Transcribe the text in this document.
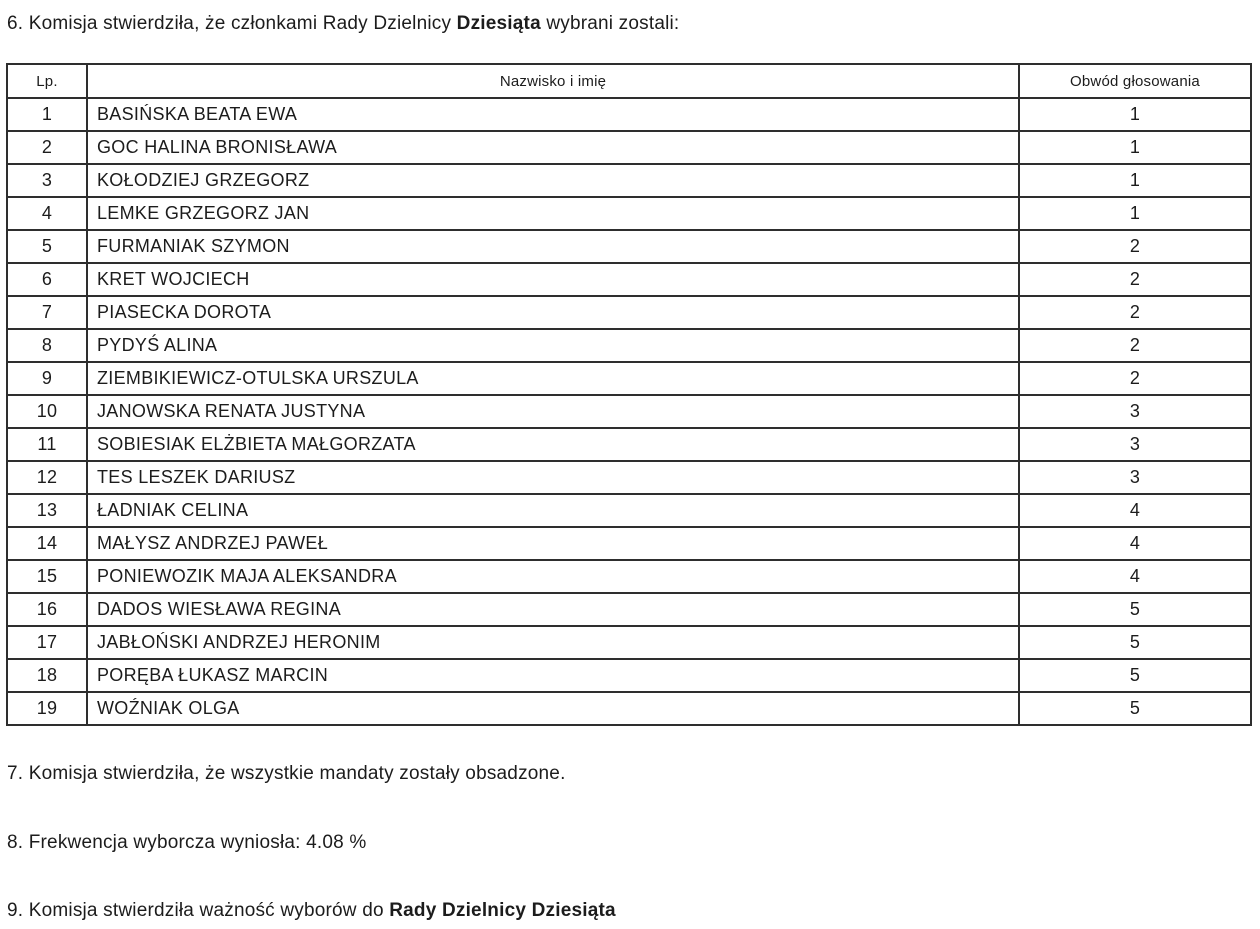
6. Komisja stwierdziła, że członkami Rady Dzielnicy Dziesiąta wybrani zostali:

Lp.	Nazwisko i imię	Obwód głosowania
1	BASIŃSKA BEATA EWA	1
2	GOC HALINA BRONISŁAWA	1
3	KOŁODZIEJ GRZEGORZ	1
4	LEMKE GRZEGORZ JAN	1
5	FURMANIAK SZYMON	2
6	KRET WOJCIECH	2
7	PIASECKA DOROTA	2
8	PYDYŚ ALINA	2
9	ZIEMBIKIEWICZ-OTULSKA URSZULA	2
10	JANOWSKA RENATA JUSTYNA	3
11	SOBIESIAK ELŻBIETA MAŁGORZATA	3
12	TES LESZEK DARIUSZ	3
13	ŁADNIAK CELINA	4
14	MAŁYSZ ANDRZEJ PAWEŁ	4
15	PONIEWOZIK MAJA ALEKSANDRA	4
16	DADOS WIESŁAWA REGINA	5
17	JABŁOŃSKI ANDRZEJ HERONIM	5
18	PORĘBA ŁUKASZ MARCIN	5
19	WOŹNIAK OLGA	5

7. Komisja stwierdziła, że wszystkie mandaty zostały obsadzone.

8. Frekwencja wyborcza wyniosła: 4.08 %

9. Komisja stwierdziła ważność wyborów do Rady Dzielnicy Dziesiąta
